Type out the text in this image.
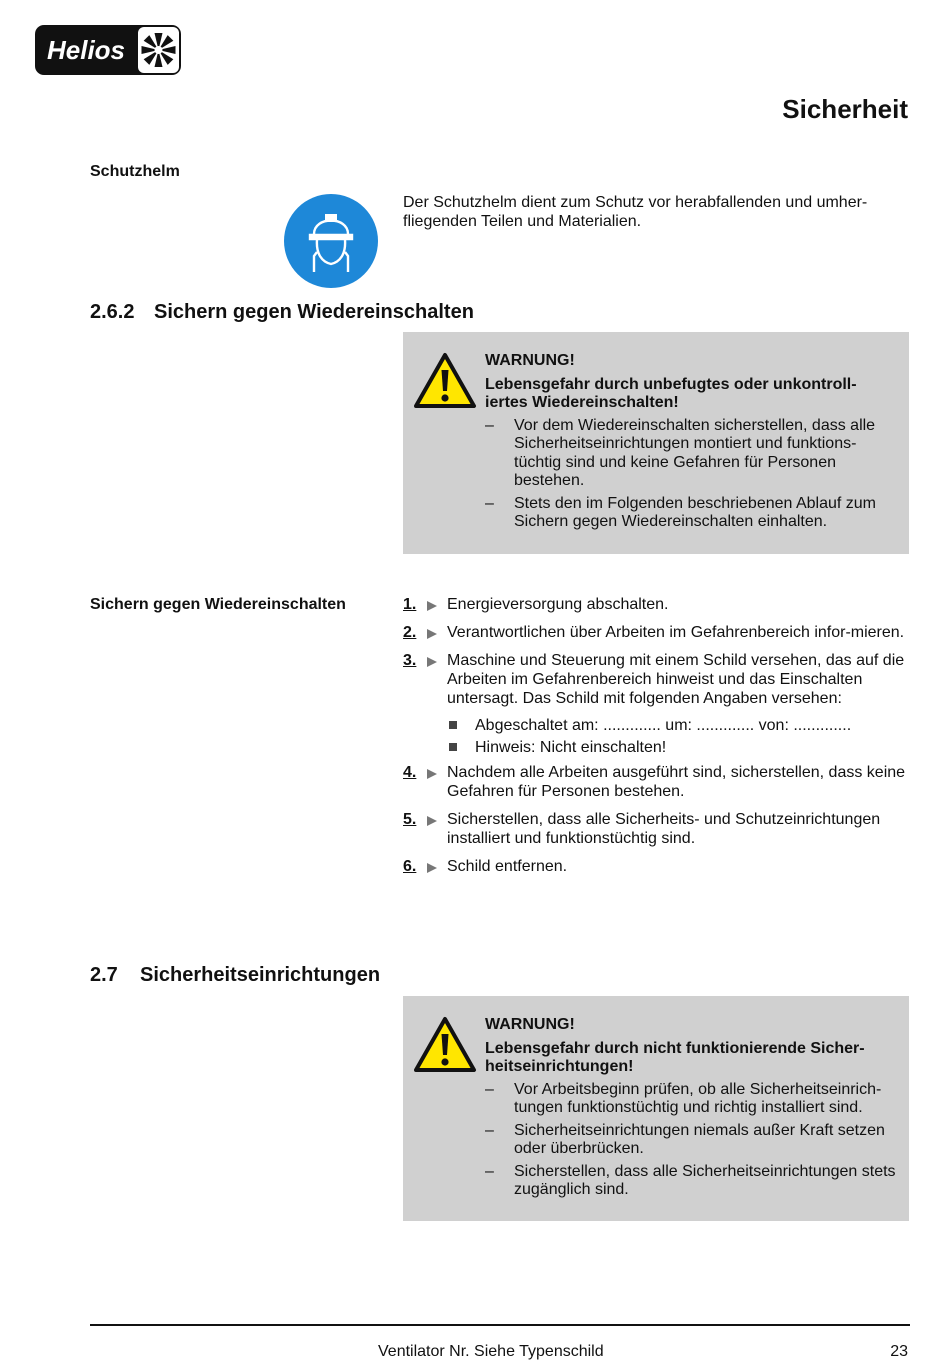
Helios
Sicherheit
Schutzhelm
Der Schutzhelm dient zum Schutz vor herabfallenden und umher-fliegenden Teilen und Materialien.
2.6.2 Sichern gegen Wiedereinschalten
WARNUNG!
Lebensgefahr durch unbefugtes oder unkontroll-iertes Wiedereinschalten!
– Vor dem Wiedereinschalten sicherstellen, dass alle Sicherheitseinrichtungen montiert und funktions-tüchtig sind und keine Gefahren für Personen bestehen.
– Stets den im Folgenden beschriebenen Ablauf zum Sichern gegen Wiedereinschalten einhalten.
Sichern gegen Wiedereinschalten	1. Energieversorgung abschalten.
2. Verantwortlichen über Arbeiten im Gefahrenbereich infor-mieren.
3. Maschine und Steuerung mit einem Schild versehen, das auf die Arbeiten im Gefahrenbereich hinweist und das Einschalten untersagt. Das Schild mit folgenden Angaben versehen:
Abgeschaltet am: ............. um: ............. von: .............
Hinweis: Nicht einschalten!
4. Nachdem alle Arbeiten ausgeführt sind, sicherstellen, dass keine Gefahren für Personen bestehen.
5. Sicherstellen, dass alle Sicherheits- und Schutzeinrichtungen installiert und funktionstüchtig sind.
6. Schild entfernen.
2.7 Sicherheitseinrichtungen
WARNUNG!
Lebensgefahr durch nicht funktionierende Sicher-heitseinrichtungen!
– Vor Arbeitsbeginn prüfen, ob alle Sicherheitseinrich-tungen funktionstüchtig und richtig installiert sind.
– Sicherheitseinrichtungen niemals außer Kraft setzen oder überbrücken.
– Sicherstellen, dass alle Sicherheitseinrichtungen stets zugänglich sind.
Ventilator Nr. Siehe Typenschild	23
